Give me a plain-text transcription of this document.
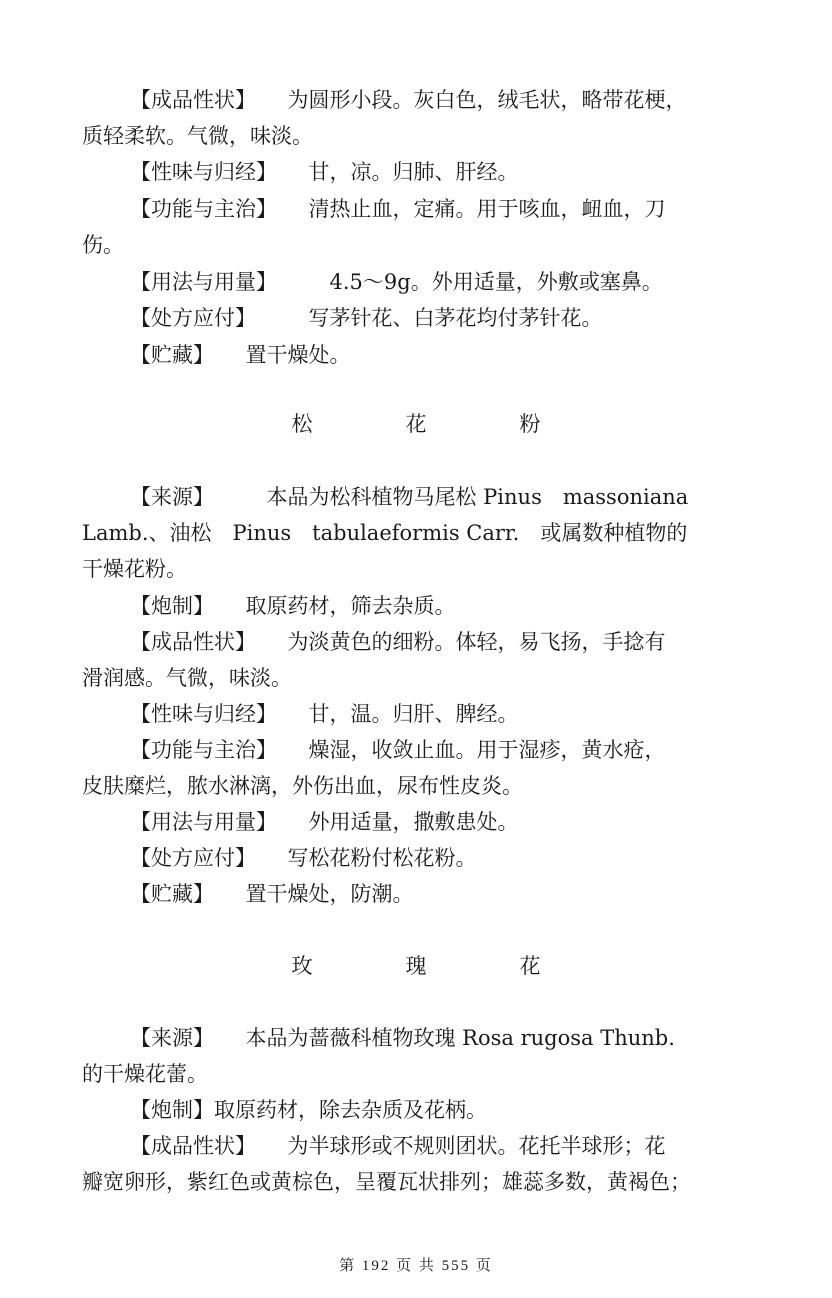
【成品性状】　　为圆形小段。灰白色，绒毛状，略带花梗，

质轻柔软。气微，味淡。

【性味与归经】　　甘，凉。归肺、肝经。

【功能与主治】　　清热止血，定痛。用于咳血，衄血，刀

伤。

【用法与用量】　　　4.5～9g。外用适量，外敷或塞鼻。

【处方应付】　　　写茅针花、白茅花均付茅针花。

【贮藏】　　置干燥处。

松　花　粉

【来源】　　　本品为松科植物马尾松 Pinus　massoniana

Lamb.、油松　Pinus　tabulaeformis Carr.　或属数种植物的

干燥花粉。

【炮制】　　取原药材，筛去杂质。

【成品性状】　　为淡黄色的细粉。体轻，易飞扬，手捻有

滑润感。气微，味淡。

【性味与归经】　　甘，温。归肝、脾经。

【功能与主治】　　燥湿，收敛止血。用于湿疹，黄水疮，

皮肤糜烂，脓水淋漓，外伤出血，尿布性皮炎。

【用法与用量】　　外用适量，撒敷患处。

【处方应付】　　写松花粉付松花粉。

【贮藏】　　置干燥处，防潮。

玫　瑰　花

【来源】　　本品为蔷薇科植物玫瑰 Rosa rugosa Thunb.

的干燥花蕾。

【炮制】取原药材，除去杂质及花柄。

【成品性状】　　为半球形或不规则团状。花托半球形；花

瓣宽卵形，紫红色或黄棕色，呈覆瓦状排列；雄蕊多数，黄褐色；

第 192 页 共 555 页
